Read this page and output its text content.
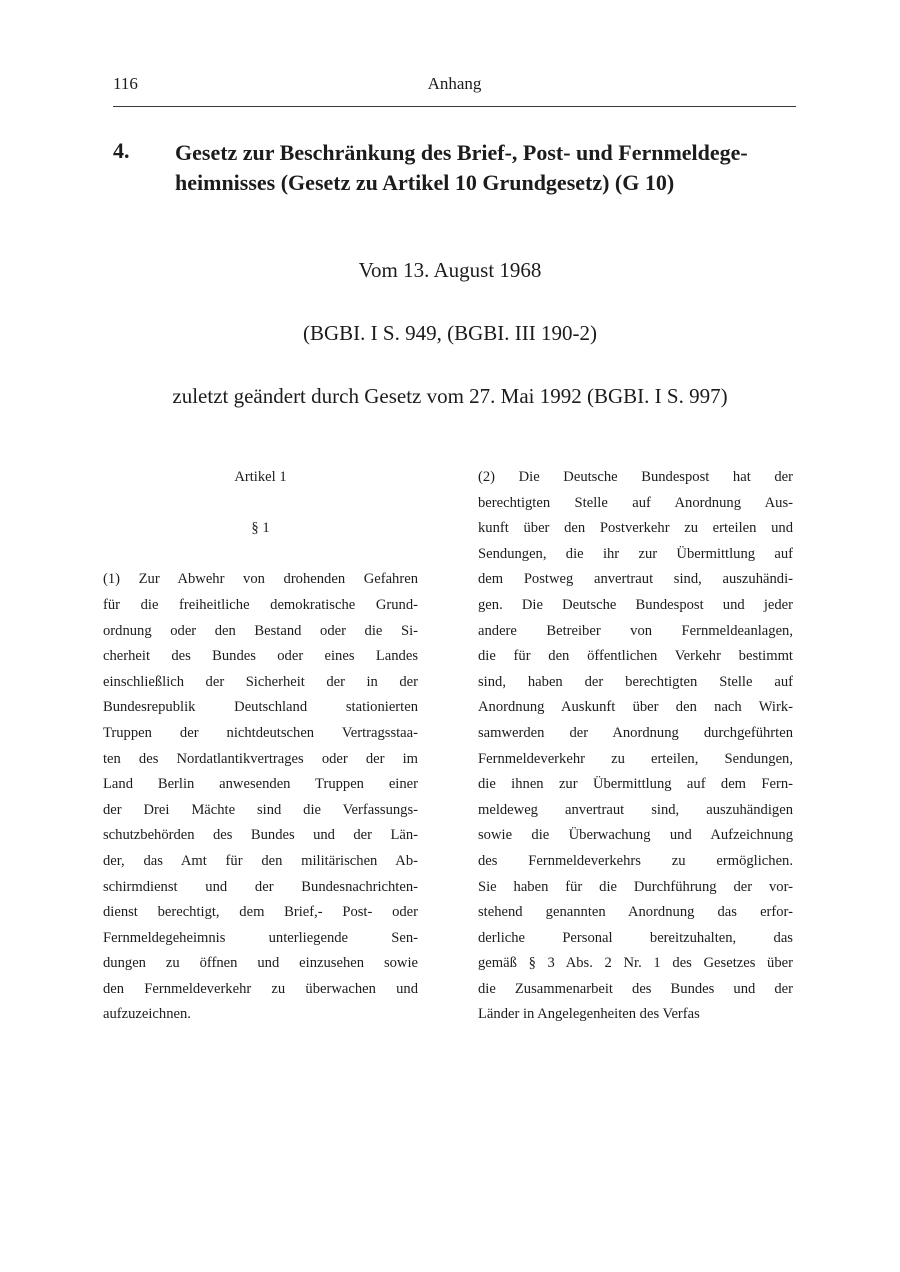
116	Anhang
4. Gesetz zur Beschränkung des Brief-, Post- und Fernmeldege-
heimnisses (Gesetz zu Artikel 10 Grundgesetz) (G 10)
Vom 13. August 1968
(BGBI. I S. 949, (BGBI. III 190-2)
zuletzt geändert durch Gesetz vom 27. Mai 1992 (BGBI. I S. 997)
Artikel 1
§ 1
(1) Zur Abwehr von drohenden Gefahren
für die freiheitliche demokratische Grund-
ordnung oder den Bestand oder die Si-
cherheit des Bundes oder eines Landes
einschließlich der Sicherheit der in der
Bundesrepublik Deutschland stationierten
Truppen der nichtdeutschen Vertragsstaa-
ten des Nordatlantikvertrages oder der im
Land Berlin anwesenden Truppen einer
der Drei Mächte sind die Verfassungs-
schutzbehörden des Bundes und der Län-
der, das Amt für den militärischen Ab-
schirmdienst und der Bundesnachrichten-
dienst berechtigt, dem Brief,- Post- oder
Fernmeldegeheimnis unterliegende Sen-
dungen zu öffnen und einzusehen sowie
den Fernmeldeverkehr zu überwachen und
aufzuzeichnen.
(2) Die Deutsche Bundespost hat der
berechtigten Stelle auf Anordnung Aus-
kunft über den Postverkehr zu erteilen und
Sendungen, die ihr zur Übermittlung auf
dem Postweg anvertraut sind, auszuhändi-
gen. Die Deutsche Bundespost und jeder
andere Betreiber von Fernmeldeanlagen,
die für den öffentlichen Verkehr bestimmt
sind, haben der berechtigten Stelle auf
Anordnung Auskunft über den nach Wirk-
samwerden der Anordnung durchgeführten
Fernmeldeverkehr zu erteilen, Sendungen,
die ihnen zur Übermittlung auf dem Fern-
meldeweg anvertraut sind, auszuhändigen
sowie die Überwachung und Aufzeichnung
des Fernmeldeverkehrs zu ermöglichen.
Sie haben für die Durchführung der vor-
stehend genannten Anordnung das erfor-
derliche Personal bereitzuhalten, das
gemäß § 3 Abs. 2 Nr. 1 des Gesetzes über
die Zusammenarbeit des Bundes und der
Länder in Angelegenheiten des Verfas
